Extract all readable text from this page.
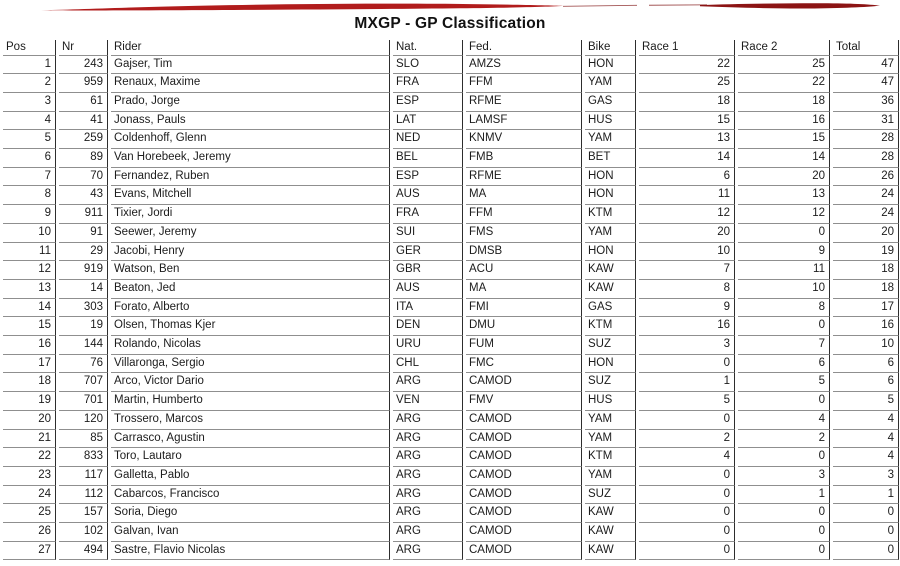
MXGP - GP Classification
Pos	Nr	Rider	Nat.	Fed.	Bike	Race 1	Race 2	Total
1	243	Gajser, Tim	SLO	AMZS	HON	22	25	47
2	959	Renaux, Maxime	FRA	FFM	YAM	25	22	47
3	61	Prado, Jorge	ESP	RFME	GAS	18	18	36
4	41	Jonass, Pauls	LAT	LAMSF	HUS	15	16	31
5	259	Coldenhoff, Glenn	NED	KNMV	YAM	13	15	28
6	89	Van Horebeek, Jeremy	BEL	FMB	BET	14	14	28
7	70	Fernandez, Ruben	ESP	RFME	HON	6	20	26
8	43	Evans, Mitchell	AUS	MA	HON	11	13	24
9	911	Tixier, Jordi	FRA	FFM	KTM	12	12	24
10	91	Seewer, Jeremy	SUI	FMS	YAM	20	0	20
11	29	Jacobi, Henry	GER	DMSB	HON	10	9	19
12	919	Watson, Ben	GBR	ACU	KAW	7	11	18
13	14	Beaton, Jed	AUS	MA	KAW	8	10	18
14	303	Forato, Alberto	ITA	FMI	GAS	9	8	17
15	19	Olsen, Thomas Kjer	DEN	DMU	KTM	16	0	16
16	144	Rolando, Nicolas	URU	FUM	SUZ	3	7	10
17	76	Villaronga, Sergio	CHL	FMC	HON	0	6	6
18	707	Arco, Victor Dario	ARG	CAMOD	SUZ	1	5	6
19	701	Martin, Humberto	VEN	FMV	HUS	5	0	5
20	120	Trossero, Marcos	ARG	CAMOD	YAM	0	4	4
21	85	Carrasco, Agustin	ARG	CAMOD	YAM	2	2	4
22	833	Toro, Lautaro	ARG	CAMOD	KTM	4	0	4
23	117	Galletta, Pablo	ARG	CAMOD	YAM	0	3	3
24	112	Cabarcos, Francisco	ARG	CAMOD	SUZ	0	1	1
25	157	Soria, Diego	ARG	CAMOD	KAW	0	0	0
26	102	Galvan, Ivan	ARG	CAMOD	KAW	0	0	0
27	494	Sastre, Flavio Nicolas	ARG	CAMOD	KAW	0	0	0
